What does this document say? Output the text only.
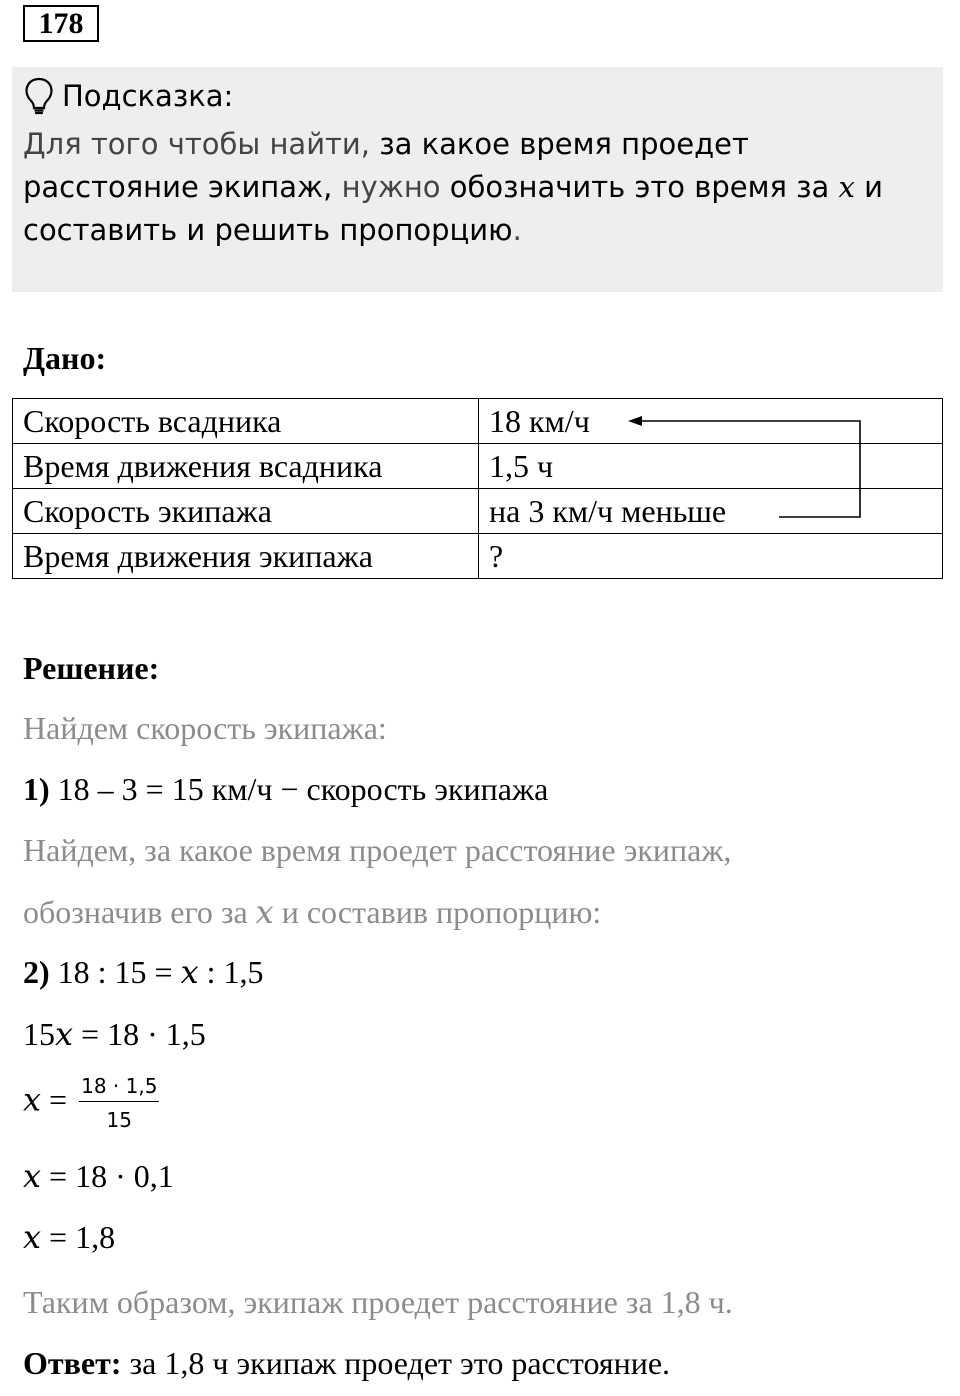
178
Подсказка:
Для того чтобы найти, за какое время проедет расстояние экипаж, нужно обозначить это время за x и составить и решить пропорцию.
Дано:
Скорость всадника	18 км/ч
Время движения всадника	1,5 ч
Скорость экипажа	на 3 км/ч меньше
Время движения экипажа	?
Решение:
Найдем скорость экипажа:
1) 18 – 3 = 15 км/ч − скорость экипажа
Найдем, за какое время проедет расстояние экипаж,
обозначив его за x и составив пропорцию:
2) 18 : 15 = x : 1,5
15x = 18 · 1,5
$x = \frac{18 \cdot 1,5}{15}$
x = 18 · 0,1
x = 1,8
Таким образом, экипаж проедет расстояние за 1,8 ч.
Ответ: за 1,8 ч экипаж проедет это расстояние.
